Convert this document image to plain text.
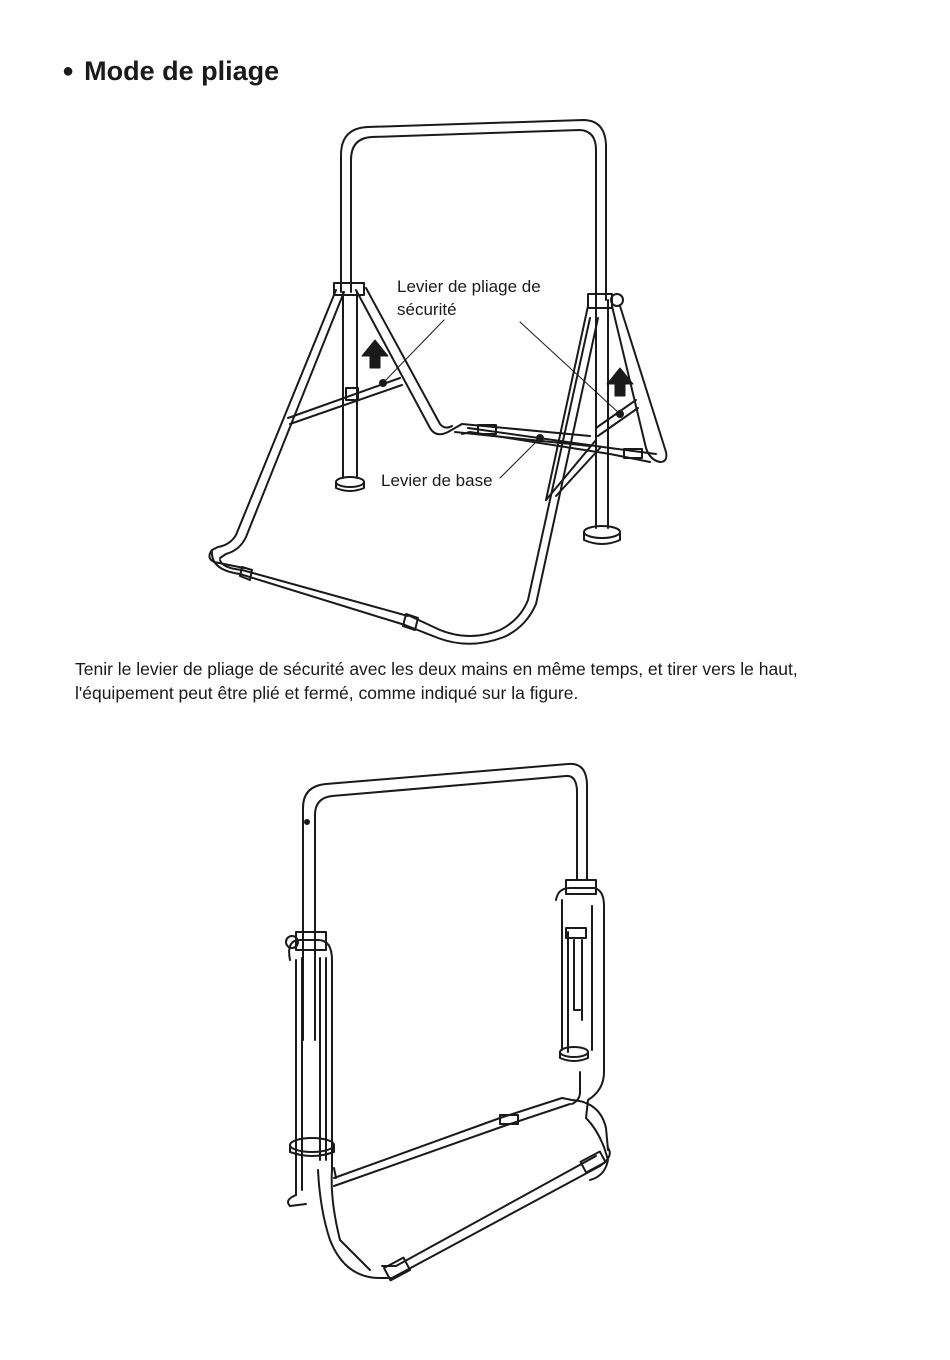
● Mode de pliage
Levier de pliage de
sécurité
Levier de base

Tenir le levier de pliage de sécurité avec les deux mains en même temps, et tirer vers le haut,

l'équipement peut être plié et fermé, comme indiqué sur la figure.
